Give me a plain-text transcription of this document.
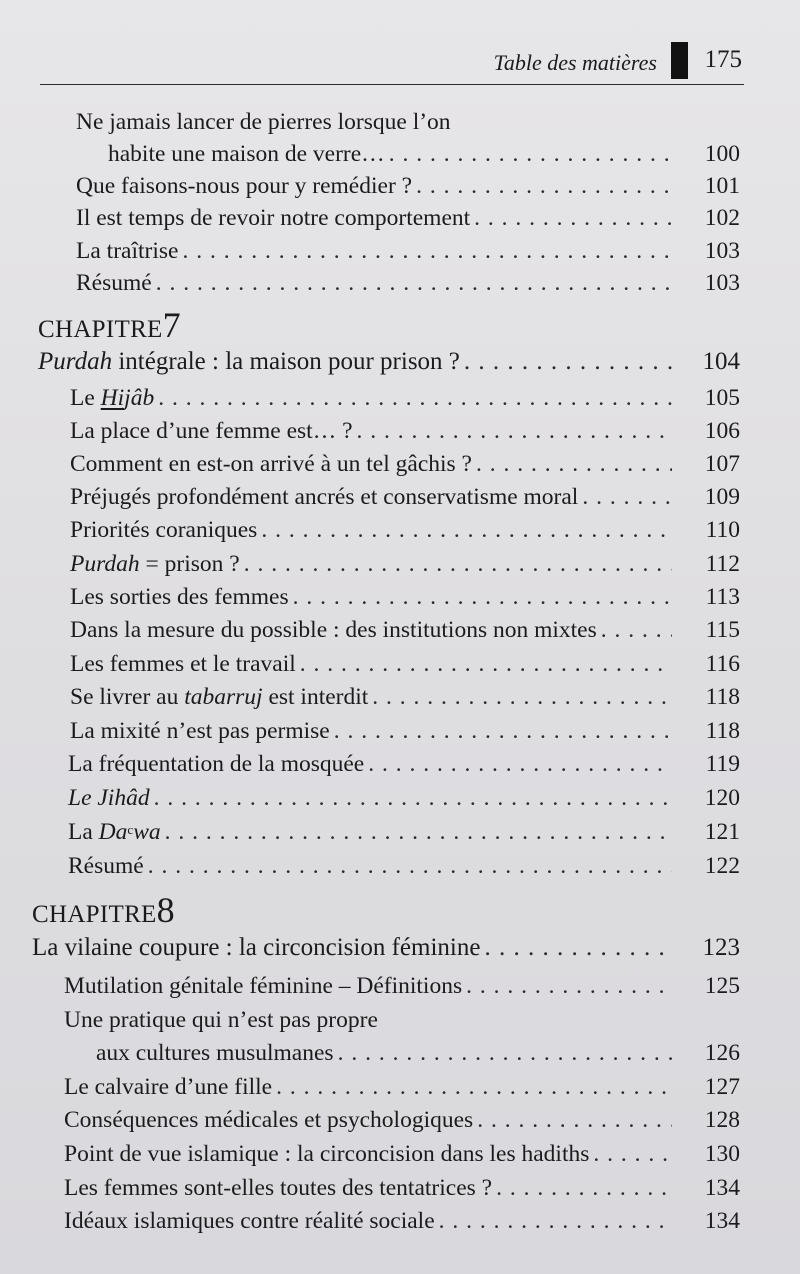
Table des matières 175
Ne jamais lancer de pierres lorsque l’on
habite une maison de verre… . . .	100
Que faisons-nous pour y remédier ? . . .	101
Il est temps de revoir notre comportement . . .	102
La traîtrise . . .	103
Résumé . . .	103
CHAPITRE7
Purdah intégrale : la maison pour prison ? . . .	104
Le Hijâb . . .	105
La place d’une femme est… ? . . .	106
Comment en est-on arrivé à un tel gâchis ? . . .	107
Préjugés profondément ancrés et conservatisme moral . . .	109
Priorités coraniques . . .	110
Purdah = prison ? . . .	112
Les sorties des femmes . . .	113
Dans la mesure du possible : des institutions non mixtes . . .	115
Les femmes et le travail . . .	116
Se livrer au tabarruj est interdit . . .	118
La mixité n’est pas permise . . .	118
La fréquentation de la mosquée . . .	119
Le Jihâd . . .	120
La Da$^c$wa . . .	121
Résumé . . .	122
CHAPITRE8
La vilaine coupure : la circoncision féminine . . .	123
Mutilation génitale féminine – Définitions . . .	125
Une pratique qui n’est pas propre
aux cultures musulmanes . . .	126
Le calvaire d’une fille . . .	127
Conséquences médicales et psychologiques . . .	128
Point de vue islamique : la circoncision dans les hadiths . . .	130
Les femmes sont-elles toutes des tentatrices ? . . .	134
Idéaux islamiques contre réalité sociale . . .	134
